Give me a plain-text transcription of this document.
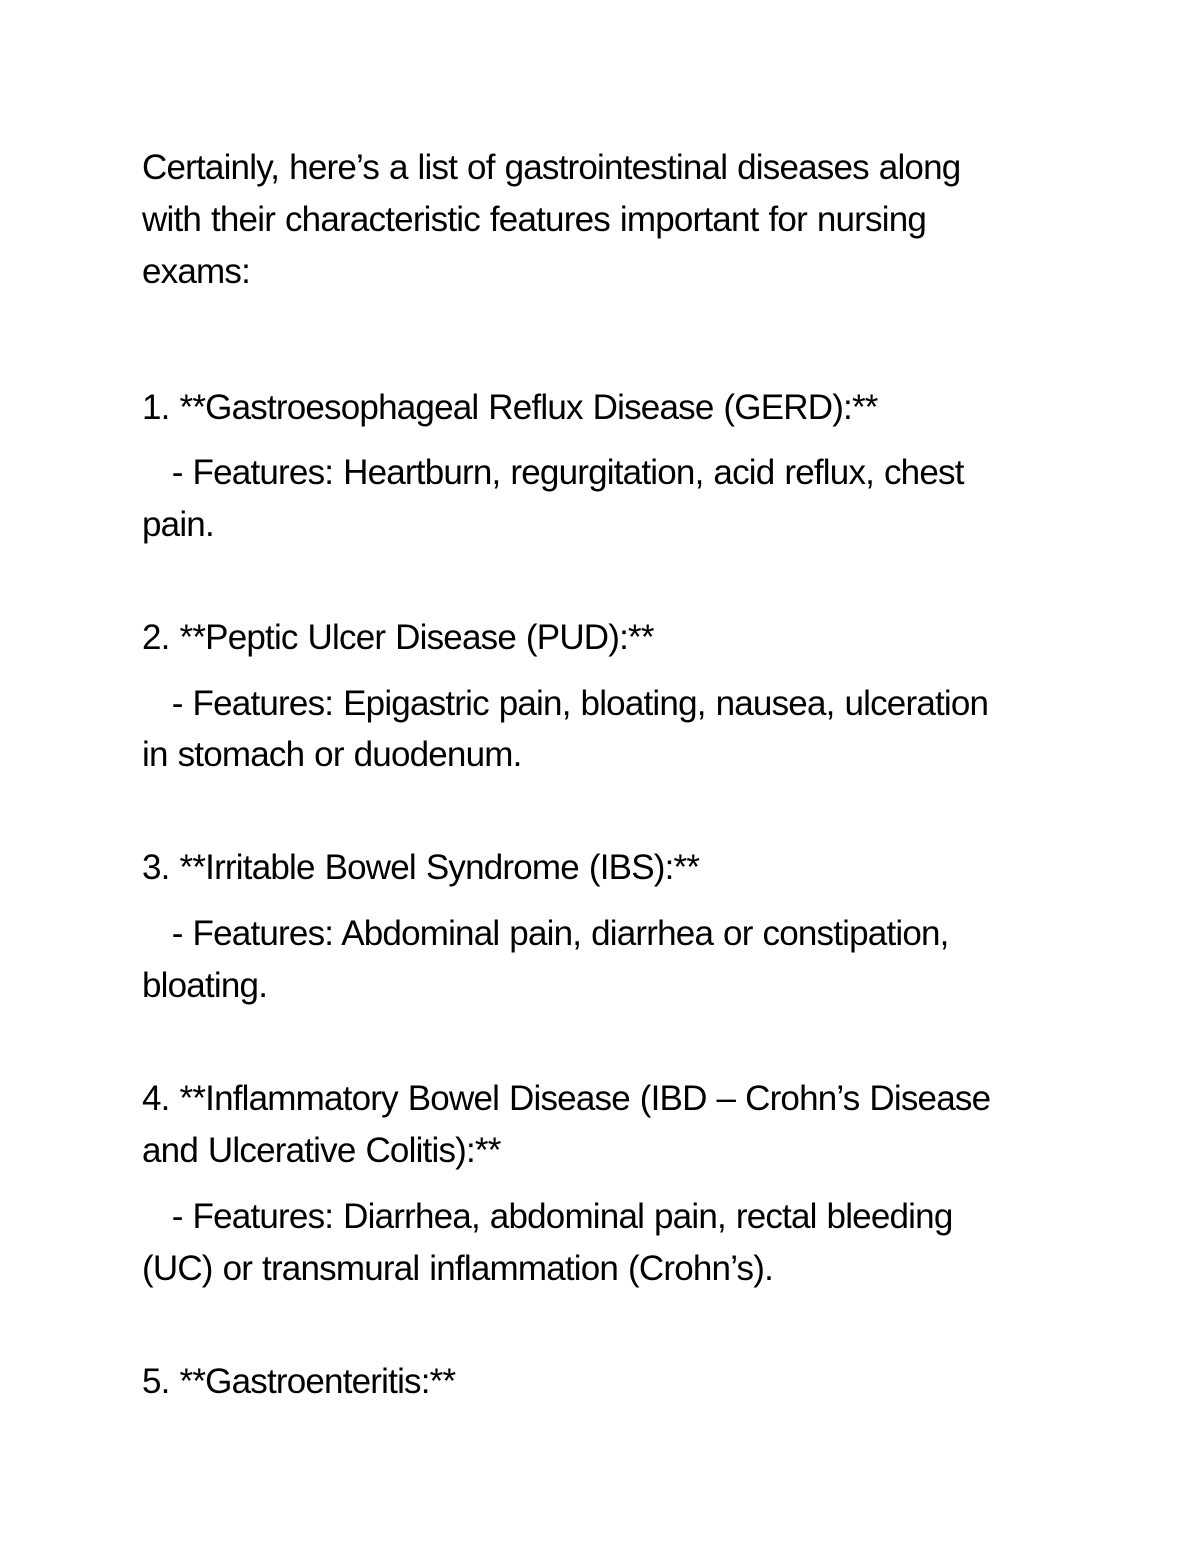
Certainly, here’s a list of gastrointestinal diseases along
with their characteristic features important for nursing
exams:
1. **Gastroesophageal Reflux Disease (GERD):**
- Features: Heartburn, regurgitation, acid reflux, chest
pain.
2. **Peptic Ulcer Disease (PUD):**
- Features: Epigastric pain, bloating, nausea, ulceration
in stomach or duodenum.
3. **Irritable Bowel Syndrome (IBS):**
- Features: Abdominal pain, diarrhea or constipation,
bloating.
4. **Inflammatory Bowel Disease (IBD – Crohn’s Disease
and Ulcerative Colitis):**
- Features: Diarrhea, abdominal pain, rectal bleeding
(UC) or transmural inflammation (Crohn’s).
5. **Gastroenteritis:**
